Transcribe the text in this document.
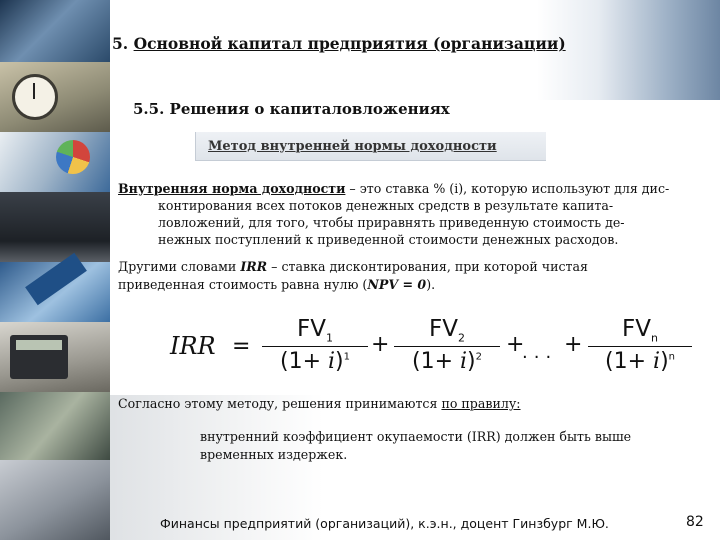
5. Основной капитал предприятия (организации)
5.5. Решения о капиталовложениях
Метод внутренней нормы доходности
Внутренняя норма доходности – это ставка % (i), которую используют для дис-
контирования всех потоков денежных средств в результате капита-
ловложений, для того, чтобы приравнять приведенную стоимость де-
нежных поступлений к приведенной стоимости денежных расходов.
Другими словами IRR – ставка дисконтирования, при которой чистая
приведенная стоимость равна нулю (NPV = 0).
IRR =
$FV_1$
$(1+ i)^1$
+
$FV_2$
$(1+ i)^2$
+
... +
$FV_n$
$(1+ i)^n$
Согласно этому методу, решения принимаются по правилу:
внутренний коэффициент окупаемости (IRR) должен быть выше
временных издержек.
Финансы предприятий (организаций), к.э.н., доцент Гинзбург М.Ю.	82
